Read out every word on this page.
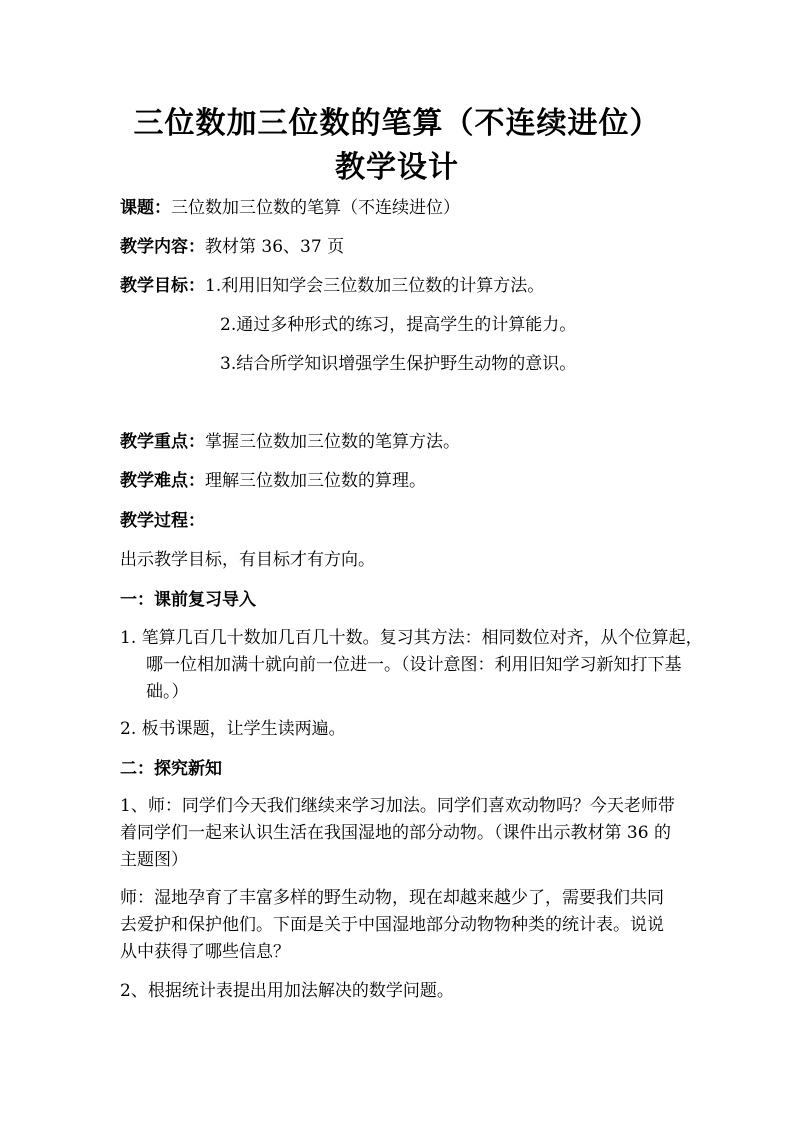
三位数加三位数的笔算（不连续进位）
教学设计
课题：三位数加三位数的笔算（不连续进位）
教学内容：教材第 36、37 页
教学目标：1.利用旧知学会三位数加三位数的计算方法。
2.通过多种形式的练习，提高学生的计算能力。
3.结合所学知识增强学生保护野生动物的意识。
教学重点：掌握三位数加三位数的笔算方法。
教学难点：理解三位数加三位数的算理。
教学过程：
出示教学目标，有目标才有方向。
一：课前复习导入
1. 笔算几百几十数加几百几十数。复习其方法：相同数位对齐，从个位算起，哪一位相加满十就向前一位进一。（设计意图：利用旧知学习新知打下基础。）
2. 板书课题，让学生读两遍。
二：探究新知
1、师：同学们今天我们继续来学习加法。同学们喜欢动物吗？今天老师带着同学们一起来认识生活在我国湿地的部分动物。（课件出示教材第 36 的主题图）
师：湿地孕育了丰富多样的野生动物，现在却越来越少了，需要我们共同去爱护和保护他们。下面是关于中国湿地部分动物物种类的统计表。说说从中获得了哪些信息？
2、根据统计表提出用加法解决的数学问题。
